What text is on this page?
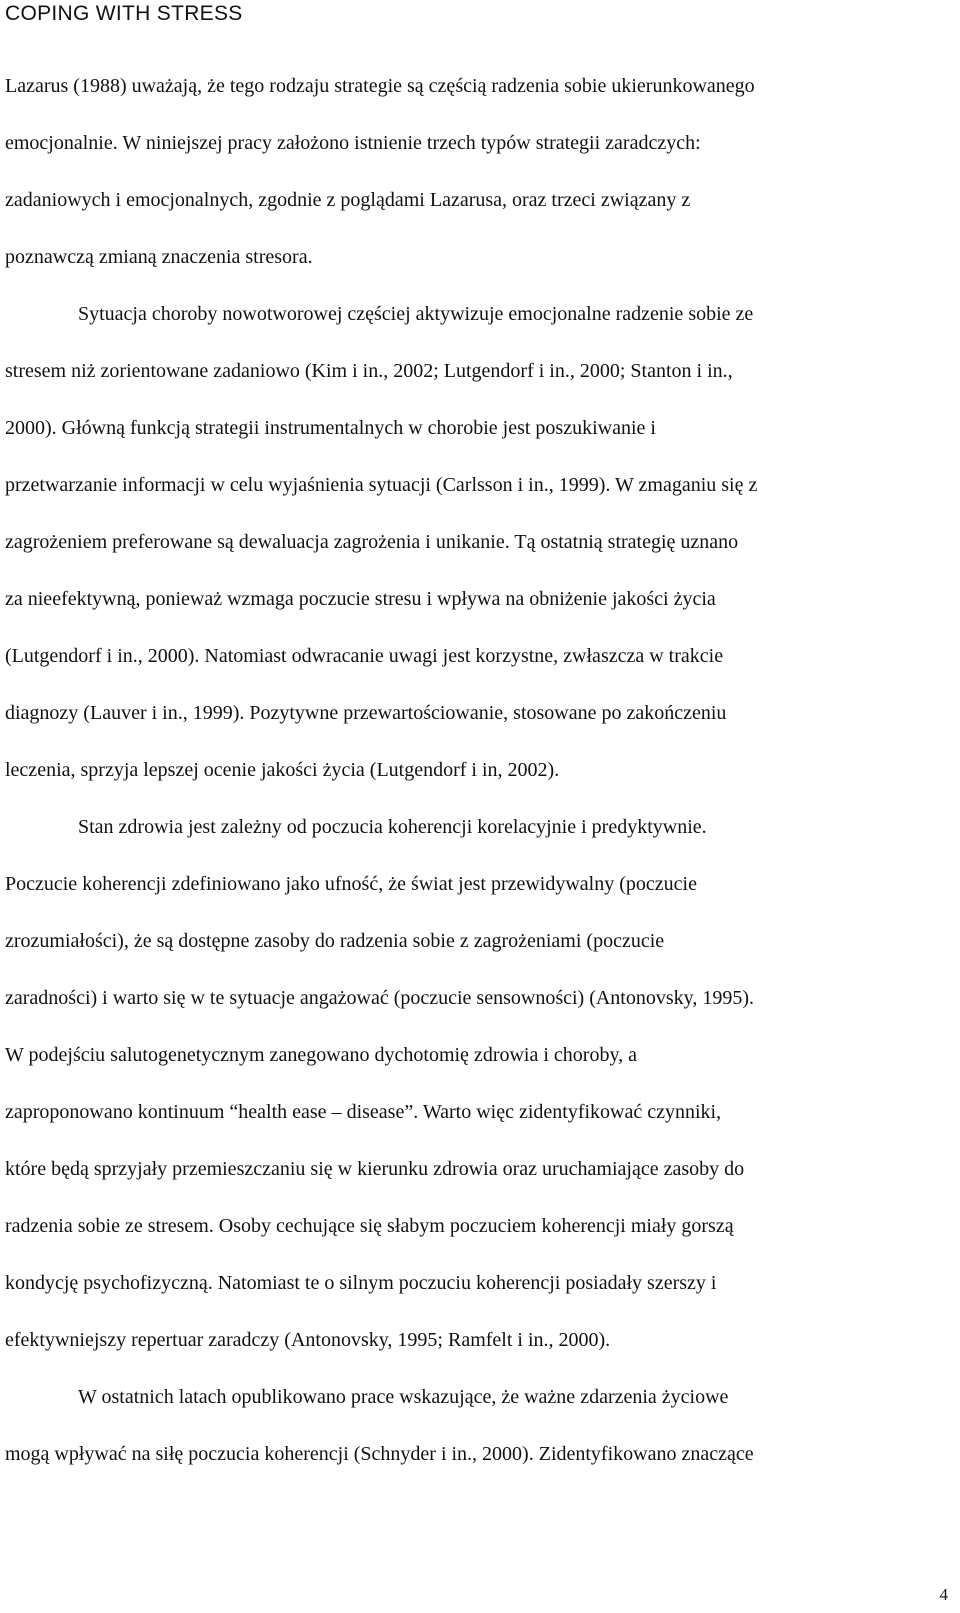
COPING WITH STRESS
Lazarus (1988) uważają, że tego rodzaju strategie są częścią radzenia sobie ukierunkowanego
emocjonalnie. W niniejszej pracy założono istnienie trzech typów strategii zaradczych:
zadaniowych i emocjonalnych, zgodnie z poglądami Lazarusa, oraz trzeci związany z
poznawczą zmianą znaczenia stresora.
Sytuacja choroby nowotworowej częściej aktywizuje emocjonalne radzenie sobie ze
stresem niż zorientowane zadaniowo (Kim i in., 2002; Lutgendorf i in., 2000; Stanton i in.,
2000). Główną funkcją strategii instrumentalnych w chorobie jest poszukiwanie i
przetwarzanie informacji w celu wyjaśnienia sytuacji (Carlsson i in., 1999). W zmaganiu się z
zagrożeniem preferowane są dewaluacja zagrożenia i unikanie. Tą ostatnią strategię uznano
za nieefektywną, ponieważ wzmaga poczucie stresu i wpływa na obniżenie jakości życia
(Lutgendorf i in., 2000). Natomiast odwracanie uwagi jest korzystne, zwłaszcza w trakcie
diagnozy (Lauver i in., 1999). Pozytywne przewartościowanie, stosowane po zakończeniu
leczenia, sprzyja lepszej ocenie jakości życia (Lutgendorf i in, 2002).
Stan zdrowia jest zależny od poczucia koherencji korelacyjnie i predyktywnie.
Poczucie koherencji zdefiniowano jako ufność, że świat jest przewidywalny (poczucie
zrozumiałości), że są dostępne zasoby do radzenia sobie z zagrożeniami (poczucie
zaradności) i warto się w te sytuacje angażować (poczucie sensowności) (Antonovsky, 1995).
W podejściu salutogenetycznym zanegowano dychotomię zdrowia i choroby, a
zaproponowano kontinuum “health ease – disease”. Warto więc zidentyfikować czynniki,
które będą sprzyjały przemieszczaniu się w kierunku zdrowia oraz uruchamiające zasoby do
radzenia sobie ze stresem. Osoby cechujące się słabym poczuciem koherencji miały gorszą
kondycję psychofizyczną. Natomiast te o silnym poczuciu koherencji posiadały szerszy i
efektywniejszy repertuar zaradczy (Antonovsky, 1995; Ramfelt i in., 2000).
W ostatnich latach opublikowano prace wskazujące, że ważne zdarzenia życiowe
mogą wpływać na siłę poczucia koherencji (Schnyder i in., 2000). Zidentyfikowano znaczące
4
